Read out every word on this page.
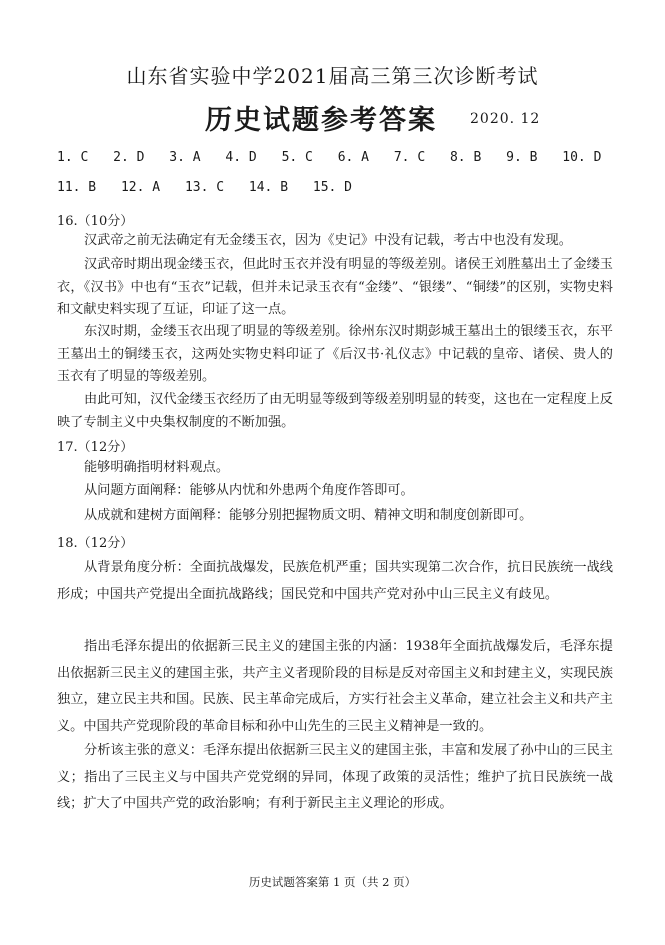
山东省实验中学2021届高三第三次诊断考试
历史试题参考答案 2020. 12
1. C 2. D 3. A 4. D 5. C 6. A 7. C 8. B 9. B 10. D
11. B 12. A 13. C 14. B 15. D
16.（10分）
汉武帝之前无法确定有无金缕玉衣，因为《史记》中没有记载，考古中也没有发现。
汉武帝时期出现金缕玉衣，但此时玉衣并没有明显的等级差别。诸侯王刘胜墓出土了金缕玉衣，《汉书》中也有“玉衣”记载，但并未记录玉衣有“金缕”、“银缕”、“铜缕”的区别，实物史料和文献史料实现了互证，印证了这一点。
东汉时期，金缕玉衣出现了明显的等级差别。徐州东汉时期彭城王墓出土的银缕玉衣，东平王墓出土的铜缕玉衣，这两处实物史料印证了《后汉书·礼仪志》中记载的皇帝、诸侯、贵人的玉衣有了明显的等级差别。
由此可知，汉代金缕玉衣经历了由无明显等级到等级差别明显的转变，这也在一定程度上反映了专制主义中央集权制度的不断加强。
17.（12分）
能够明确指明材料观点。
从问题方面阐释：能够从内忧和外患两个角度作答即可。
从成就和建树方面阐释：能够分别把握物质文明、精神文明和制度创新即可。
18.（12分）
从背景角度分析：全面抗战爆发，民族危机严重；国共实现第二次合作，抗日民族统一战线形成；中国共产党提出全面抗战路线；国民党和中国共产党对孙中山三民主义有歧见。
指出毛泽东提出的依据新三民主义的建国主张的内涵：1938年全面抗战爆发后，毛泽东提出依据新三民主义的建国主张，共产主义者现阶段的目标是反对帝国主义和封建主义，实现民族独立，建立民主共和国。民族、民主革命完成后，方实行社会主义革命，建立社会主义和共产主义。中国共产党现阶段的革命目标和孙中山先生的三民主义精神是一致的。
分析该主张的意义：毛泽东提出依据新三民主义的建国主张，丰富和发展了孙中山的三民主义；指出了三民主义与中国共产党党纲的异同，体现了政策的灵活性；维护了抗日民族统一战线；扩大了中国共产党的政治影响；有利于新民主主义理论的形成。
历史试题答案第 1 页（共 2 页）
